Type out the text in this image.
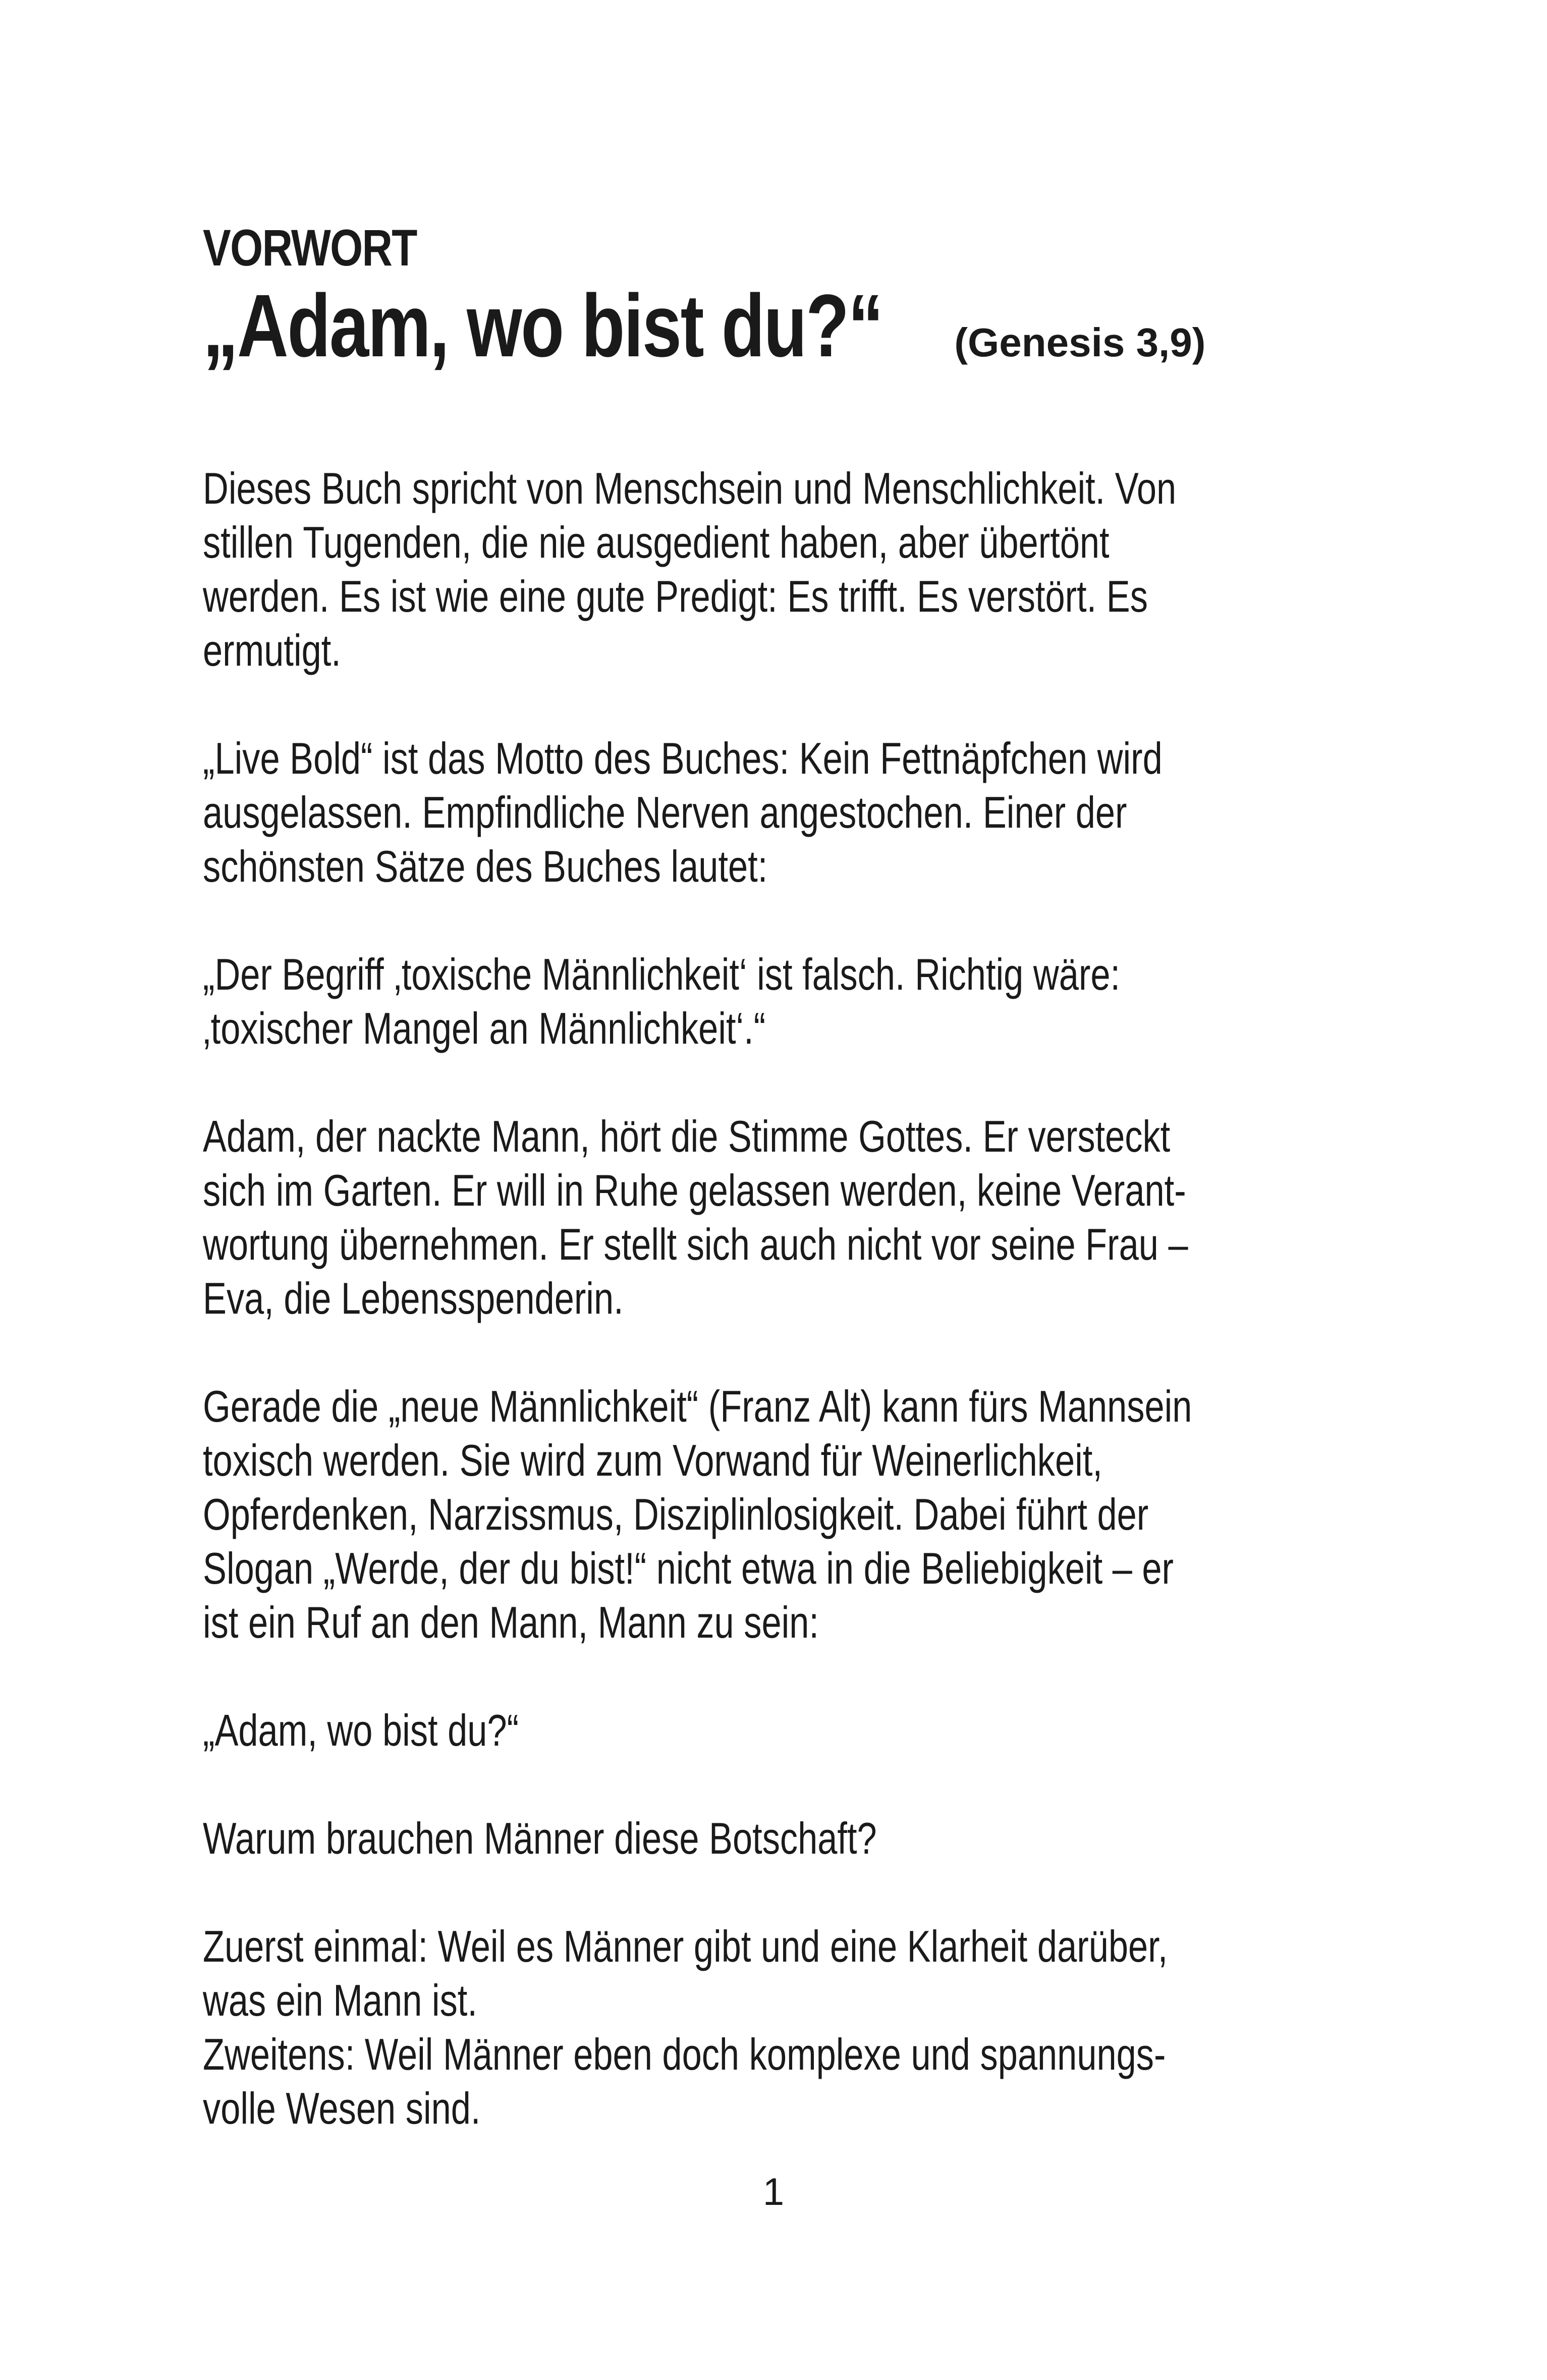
VORWORT
„Adam, wo bist du?“ (Genesis 3,9)
Dieses Buch spricht von Menschsein und Menschlichkeit. Von
stillen Tugenden, die nie ausgedient haben, aber übertönt
werden. Es ist wie eine gute Predigt: Es trifft. Es verstört. Es
ermutigt.
„Live Bold“ ist das Motto des Buches: Kein Fettnäpfchen wird
ausgelassen. Empfindliche Nerven angestochen. Einer der
schönsten Sätze des Buches lautet:
„Der Begriff ‚toxische Männlichkeit‘ ist falsch. Richtig wäre:
‚toxischer Mangel an Männlichkeit‘.“
Adam, der nackte Mann, hört die Stimme Gottes. Er versteckt
sich im Garten. Er will in Ruhe gelassen werden, keine Verant-
wortung übernehmen. Er stellt sich auch nicht vor seine Frau –
Eva, die Lebensspenderin.
Gerade die „neue Männlichkeit“ (Franz Alt) kann fürs Mannsein
toxisch werden. Sie wird zum Vorwand für Weinerlichkeit,
Opferdenken, Narzissmus, Disziplinlosigkeit. Dabei führt der
Slogan „Werde, der du bist!“ nicht etwa in die Beliebigkeit – er
ist ein Ruf an den Mann, Mann zu sein:
„Adam, wo bist du?“
Warum brauchen Männer diese Botschaft?
Zuerst einmal: Weil es Männer gibt und eine Klarheit darüber,
was ein Mann ist.
Zweitens: Weil Männer eben doch komplexe und spannungs-
volle Wesen sind.
1
